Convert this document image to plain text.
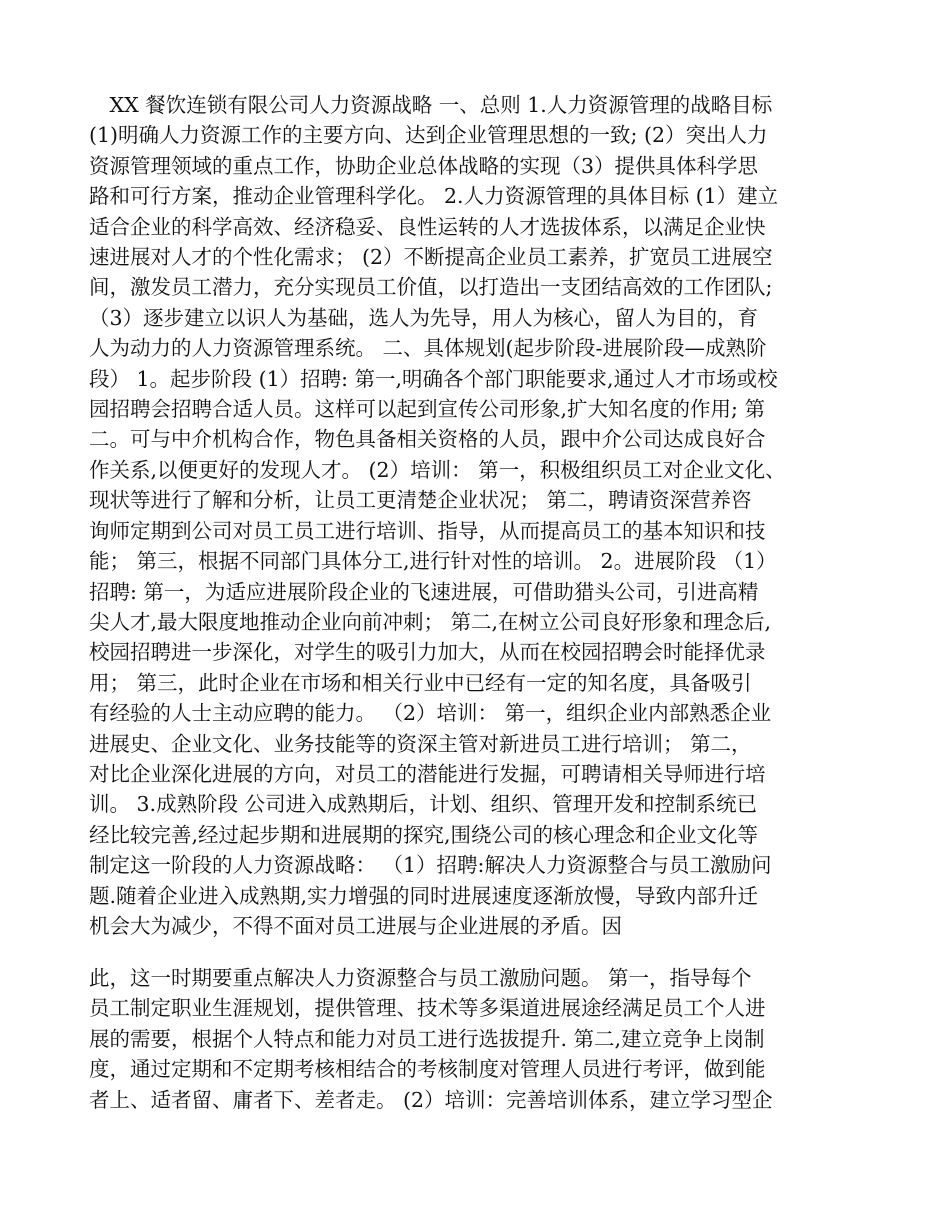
　XX 餐饮连锁有限公司人力资源战略 一、总则 1.人力资源管理的战略目标
(1)明确人力资源工作的主要方向、达到企业管理思想的一致; (2）突出人力
资源管理领域的重点工作，协助企业总体战略的实现（3）提供具体科学思
路和可行方案，推动企业管理科学化。 2.人力资源管理的具体目标 (1）建立
适合企业的科学高效、经济稳妥、良性运转的人才选拔体系，以满足企业快
速进展对人才的个性化需求； (2）不断提高企业员工素养，扩宽员工进展空
间，激发员工潜力，充分实现员工价值，以打造出一支团结高效的工作团队;
（3）逐步建立以识人为基础，选人为先导，用人为核心，留人为目的，育
人为动力的人力资源管理系统。 二、具体规划(起步阶段-进展阶段—成熟阶
段） 1。起步阶段 (1）招聘: 第一,明确各个部门职能要求,通过人才市场或校
园招聘会招聘合适人员。这样可以起到宣传公司形象,扩大知名度的作用; 第
二。可与中介机构合作，物色具备相关资格的人员，跟中介公司达成良好合
作关系,以便更好的发现人才。 (2）培训： 第一，积极组织员工对企业文化、
现状等进行了解和分析，让员工更清楚企业状况； 第二，聘请资深营养咨
询师定期到公司对员工员工进行培训、指导，从而提高员工的基本知识和技
能； 第三，根据不同部门具体分工,进行针对性的培训。 2。进展阶段 （1）
招聘: 第一，为适应进展阶段企业的飞速进展，可借助猎头公司，引进高精
尖人才,最大限度地推动企业向前冲刺； 第二,在树立公司良好形象和理念后,
校园招聘进一步深化，对学生的吸引力加大，从而在校园招聘会时能择优录
用； 第三，此时企业在市场和相关行业中已经有一定的知名度，具备吸引
有经验的人士主动应聘的能力。 （2）培训： 第一，组织企业内部熟悉企业
进展史、企业文化、业务技能等的资深主管对新进员工进行培训； 第二，
对比企业深化进展的方向，对员工的潜能进行发掘，可聘请相关导师进行培
训。 3.成熟阶段 公司进入成熟期后，计划、组织、管理开发和控制系统已
经比较完善,经过起步期和进展期的探究,围绕公司的核心理念和企业文化等
制定这一阶段的人力资源战略： （1）招聘:解决人力资源整合与员工激励问
题.随着企业进入成熟期,实力增强的同时进展速度逐渐放慢，导致内部升迁
机会大为减少，不得不面对员工进展与企业进展的矛盾。因
此，这一时期要重点解决人力资源整合与员工激励问题。 第一，指导每个
员工制定职业生涯规划，提供管理、技术等多渠道进展途经满足员工个人进
展的需要，根据个人特点和能力对员工进行选拔提升. 第二,建立竞争上岗制
度，通过定期和不定期考核相结合的考核制度对管理人员进行考评，做到能
者上、适者留、庸者下、差者走。 (2）培训：完善培训体系，建立学习型企
